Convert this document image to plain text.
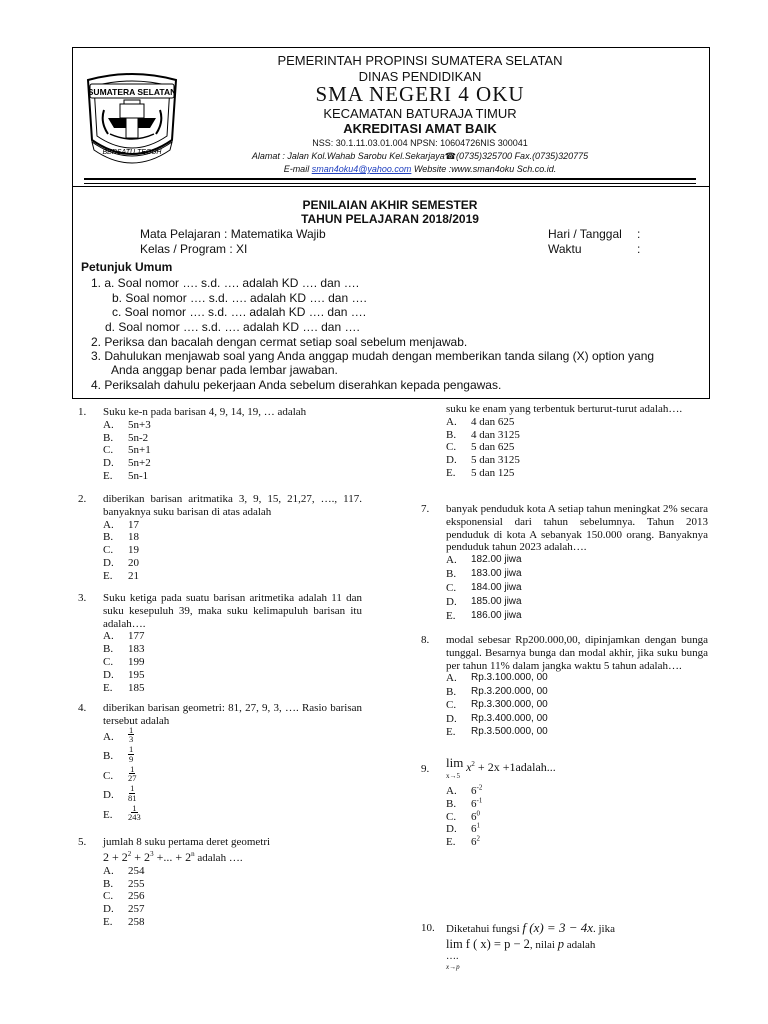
SUMATERA SELATAN
BERSATU TEGUH
PEMERINTAH PROPINSI SUMATERA SELATAN
DINAS PENDIDIKAN
SMA NEGERI 4 OKU
KECAMATAN BATURAJA TIMUR
AKREDITASI AMAT BAIK
NSS: 30.1.11.03.01.004 NPSN: 10604726NIS 300041
Alamat : Jalan Kol.Wahab Sarobu Kel.Sekarjaya☎(0735)325700 Fax.(0735)320775
E-mail sman4oku4@yahoo.com Website :www.sman4oku Sch.co.id.
PENILAIAN AKHIR SEMESTER
TAHUN PELAJARAN 2018/2019
Mata Pelajaran : Matematika Wajib
Kelas / Program : XI
Hari / Tanggal :
Waktu	:
Petunjuk Umum
1. a. Soal nomor …. s.d. …. adalah KD …. dan ….
b. Soal nomor …. s.d. …. adalah KD …. dan ….
c. Soal nomor …. s.d. …. adalah KD …. dan ….
d. Soal nomor …. s.d. …. adalah KD …. dan ….
2. Periksa dan bacalah dengan cermat setiap soal sebelum menjawab.
3. Dahulukan menjawab soal yang Anda anggap mudah dengan memberikan tanda silang (X) option yang
Anda anggap benar pada lembar jawaban.
4. Periksalah dahulu pekerjaan Anda sebelum diserahkan kepada pengawas.
1. Suku ke-n pada barisan 4, 9, 14, 19, … adalah
A. 5n+3
B. 5n-2
C. 5n+1
D. 5n+2
E. 5n-1
2. diberikan barisan aritmatika 3, 9, 15, 21,27, …., 117. banyaknya suku barisan di atas adalah
A. 17
B. 18
C. 19
D. 20
E. 21
3. Suku ketiga pada suatu barisan aritmetika adalah 11 dan suku kesepuluh 39, maka suku kelimapuluh barisan itu adalah….
A. 177
B. 183
C. 199
D. 195
E. 185
4. diberikan barisan geometri: 81, 27, 9, 3, …. Rasio barisan tersebut adalah
A. $\frac{1}{3}$
B. $\frac{1}{9}$
C. $\frac{1}{27}$
D. $\frac{1}{81}$
E. $\frac{1}{243}$
5. jumlah 8 suku pertama deret geometri
$2 + 2^2 + 2^3$ +... + $2^n$ adalah ….
A. 254
B. 255
C. 256
D. 257
E. 258
suku ke enam yang terbentuk berturut-turut adalah….
A. 4 dan 625
B. 4 dan 3125
C. 5 dan 625
D. 5 dan 3125
E. 5 dan 125
7. banyak penduduk kota A setiap tahun meningkat 2% secara eksponensial dari tahun sebelumnya. Tahun 2013 penduduk di kota A sebanyak 150.000 orang. Banyaknya penduduk tahun 2023 adalah….
A. 182.00 jiwa
B. 183.00 jiwa
C. 184.00 jiwa
D. 185.00 jiwa
E. 186.00 jiwa
8. modal sebesar Rp200.000,00, dipinjamkan dengan bunga tunggal. Besarnya bunga dan modal akhir, jika suku bunga per tahun 11% dalam jangka waktu 5 tahun adalah….
A. Rp.3.100.000, 00
B. Rp.3.200.000, 00
C. Rp.3.300.000, 00
D. Rp.3.400.000, 00
E. Rp.3.500.000, 00
9. lim
x→5
$x^2 + 2x$ +1adalah...
A. $6^{-2}$
B. $6^{-1}$
C. $6^0$
D. $6^1$
E. $6^2$
10. Diketahui fungsi f (x) = 3 − 4x. jika
lim f ( x) = p − 2, nilai p adalah
….
x→p
